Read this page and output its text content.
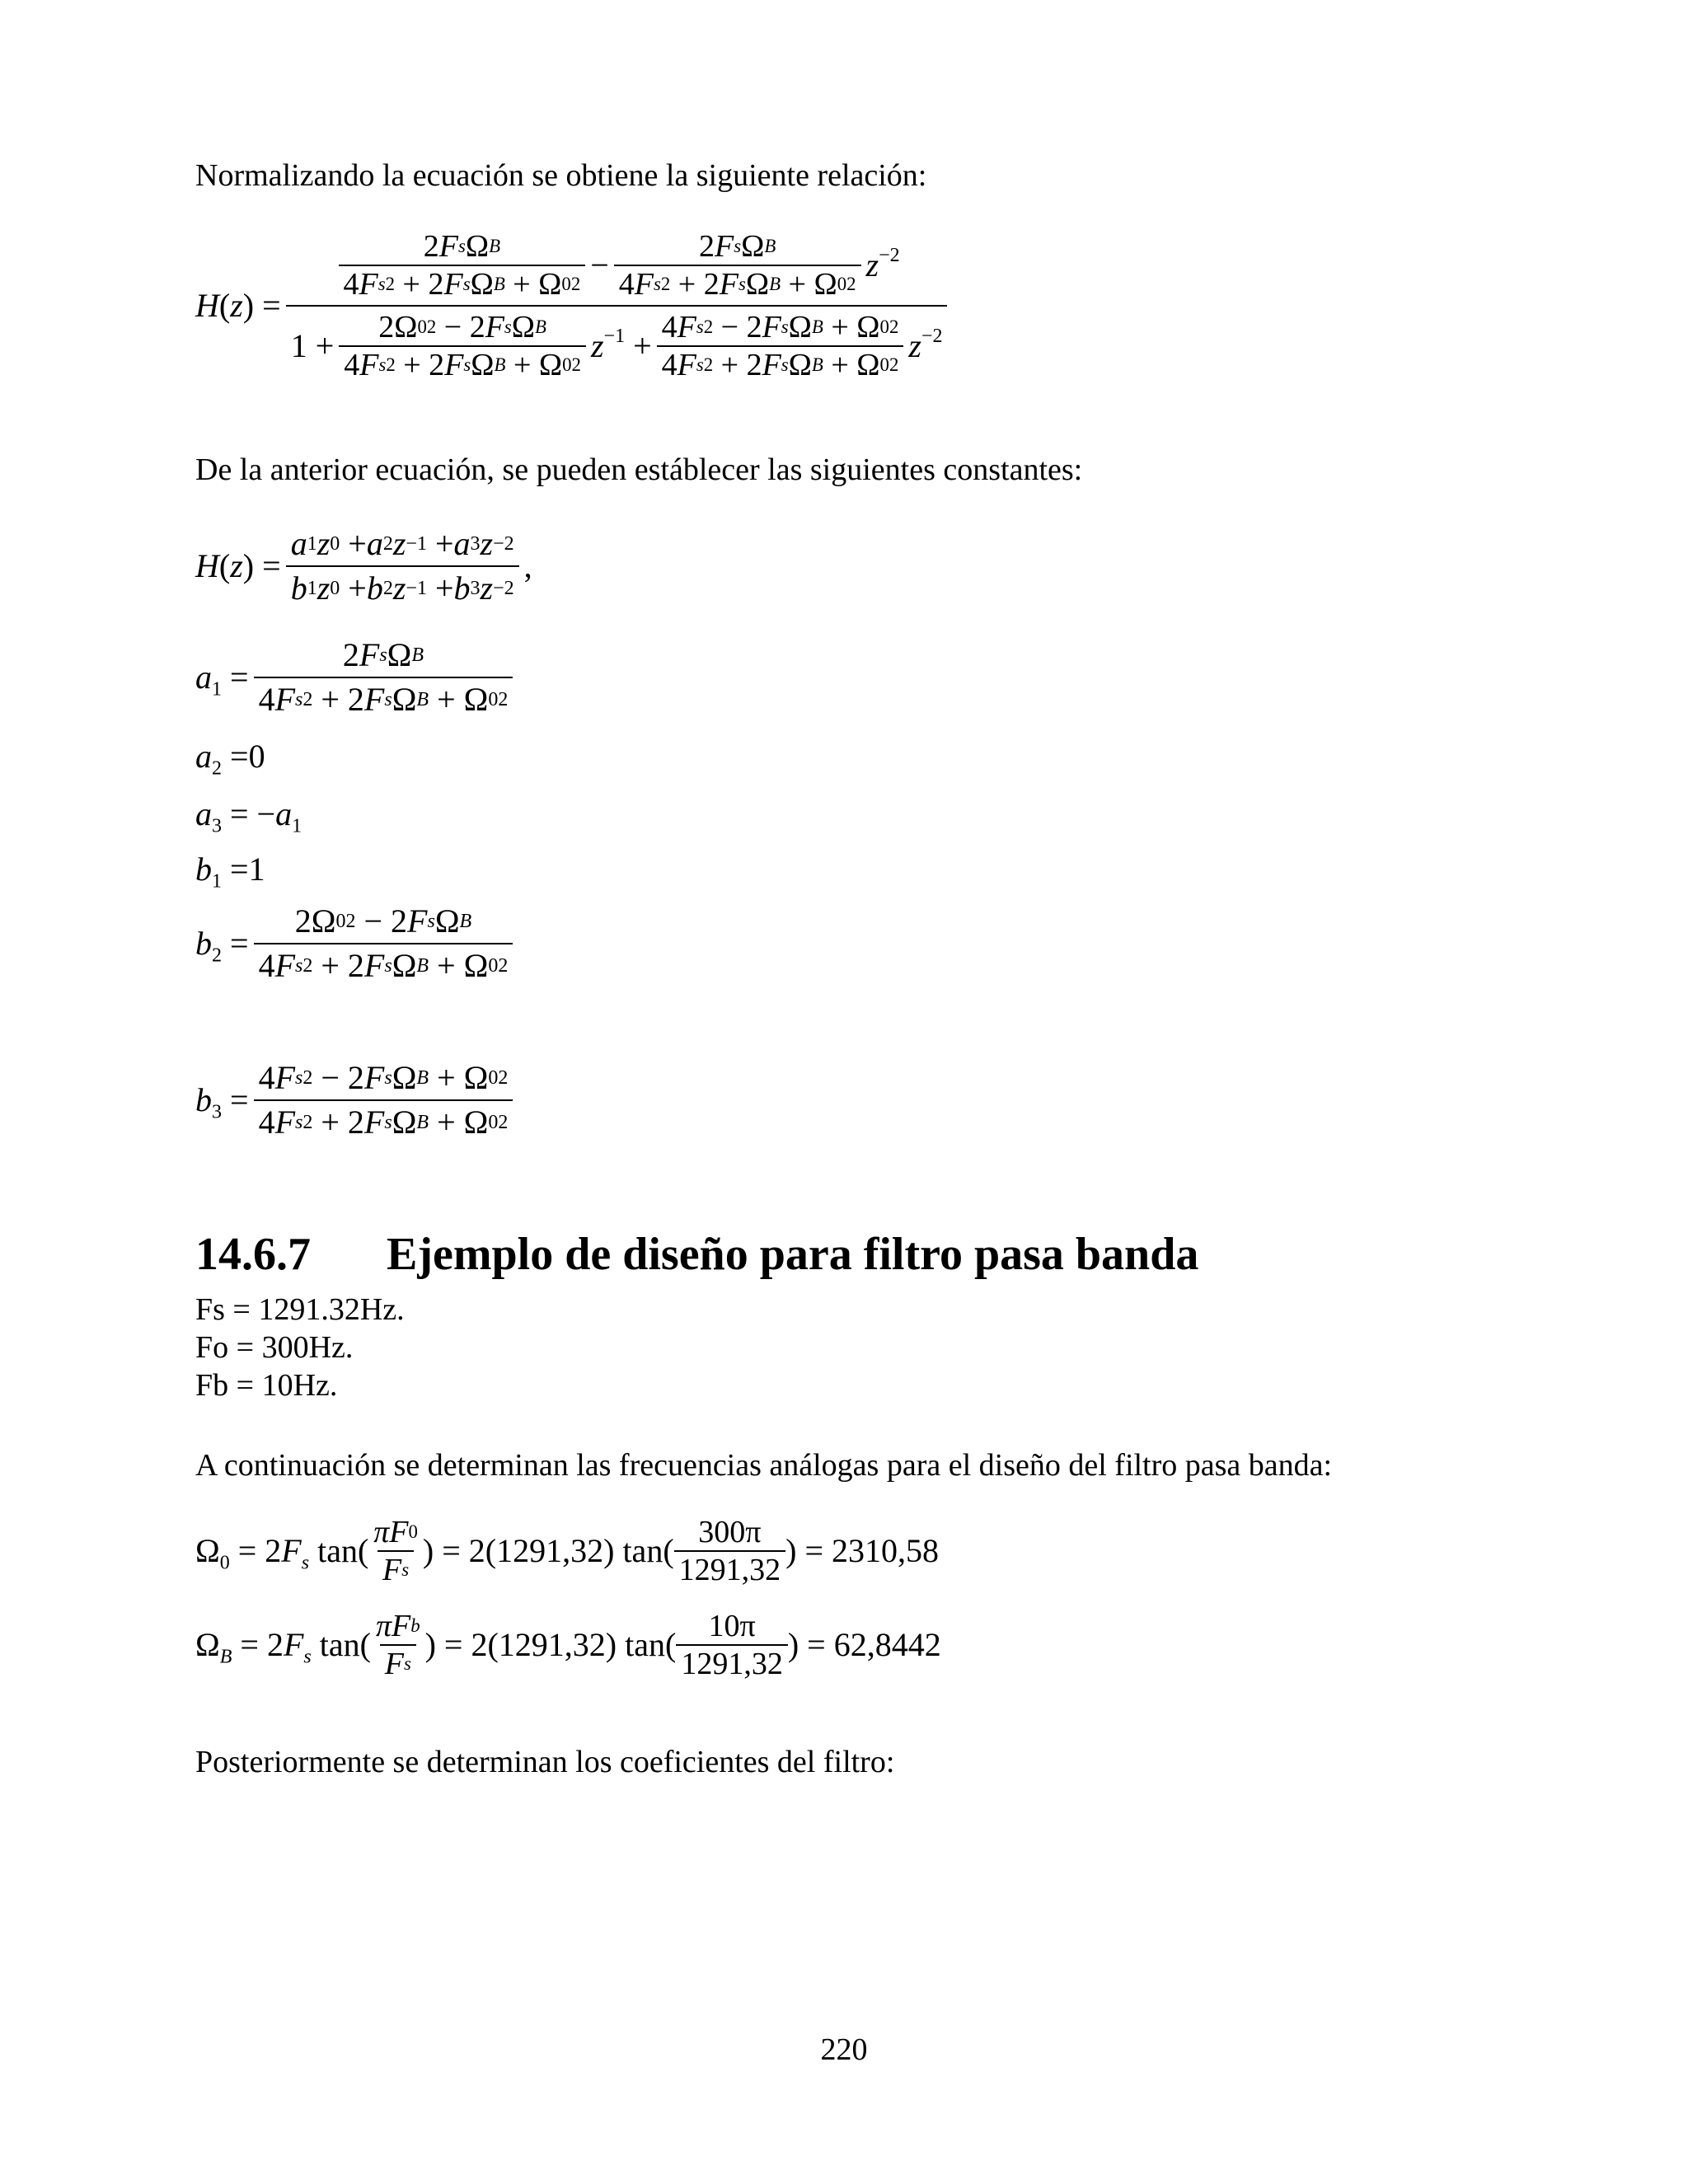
Normalizando la ecuación se obtiene la siguiente relación:
H(z) =
$\frac{\text{2 F s Ω B}}{\text{4 F s 2 + 2 F s Ω B + Ω 0 2}} - \frac{\text{2 F s Ω B}}{\text{4 F s 2 + 2 F s Ω B + Ω 0 2}} z^{-2}$
$1 + \frac{\text{2Ω 0 2 − 2 F s Ω B}}{\text{4 F s 2 + 2 F s Ω B + Ω 0 2}} z^{-1} + \frac{\text{4 F s 2 − 2 F s Ω B + Ω 0 2}}{\text{4 F s 2 + 2 F s Ω B + Ω 0 2}} z^{-2}$
De la anterior ecuación, se pueden estáblecer las siguientes constantes:
$H(z) = \frac{a 1 z 0 + a 2 z -1 + a 3 z -2}{b 1 z 0 + b 2 z -1 + b 3 z -2}$ ,
$a_1 = \frac{\text{2 F s Ω B}}{\text{4 F s 2 + 2 F s Ω B + Ω 0 2}}$
$a_2 = 0$
$a_3 = -a_1$
$b_1 = 1$
$b_2 = \frac{\text{2Ω 0 2 − 2 F s Ω B}}{\text{4 F s 2 + 2 F s Ω B + Ω 0 2}}$
$b_3 = \frac{\text{4 F s 2 − 2 F s Ω B + Ω 0 2}}{\text{4 F s 2 + 2 F s Ω B + Ω 0 2}}$
14.6.7 Ejemplo de diseño para filtro pasa banda
Fs = 1291.32Hz.
Fo = 300Hz.
Fb = 10Hz.
A continuación se determinan las frecuencias análogas para el diseño del filtro pasa banda:
$\Omega_0 = 2F_s$ $\tan( \frac{\pi F 0}{\text{F s}}$ ) = 2( 1291,32 ) $\tan( \frac{300\pi}{1291,32}$ ) = 2310,58
$\Omega_B = 2F_s$ $\tan( \frac{\text{πF b}}{\text{F s}}$ ) = 2( 1291,32 ) $\tan( \frac{10\pi}{1291,32}$ ) = 62,8442
Posteriormente se determinan los coeficientes del filtro:
220
